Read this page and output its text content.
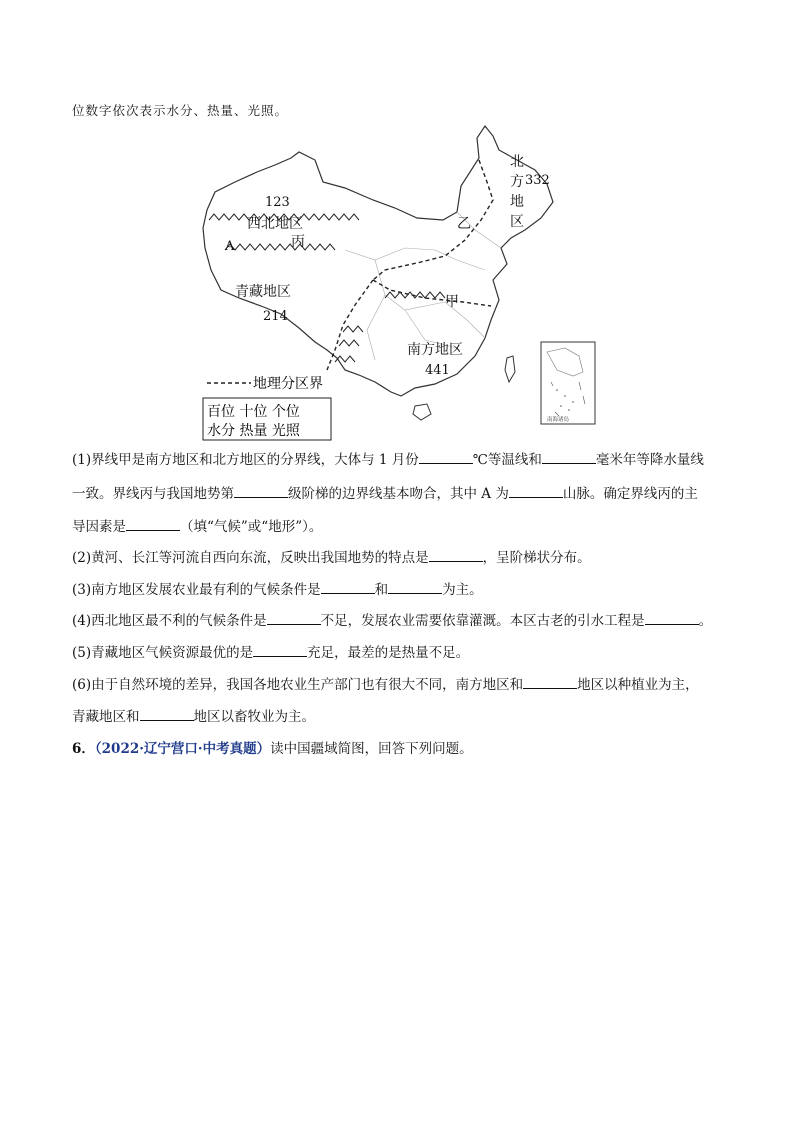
位数字依次表示水分、热量、光照。
123
西北地区
北
方 332
地
区
乙
丙
A
甲
青藏地区
214
南方地区
441
地理分区界
百位 十位 个位
水分 热量 光照
南海诸岛
(1)界线甲是南方地区和北方地区的分界线，大体与 1 月份	℃等温线和	毫米年等降水量线
一致。界线丙与我国地势第	级阶梯的边界线基本吻合，其中 A 为	山脉。确定界线丙的主
导因素是	（填“气候”或“地形”）。
(2)黄河、长江等河流自西向东流，反映出我国地势的特点是	，呈阶梯状分布。
(3)南方地区发展农业最有利的气候条件是	和	为主。
(4)西北地区最不利的气候条件是	不足，发展农业需要依靠灌溉。本区古老的引水工程是	。
(5)青藏地区气候资源最优的是	充足，最差的是热量不足。
(6)由于自然环境的差异，我国各地农业生产部门也有很大不同，南方地区和	地区以种植业为主，
青藏地区和	地区以畜牧业为主。
6．（2022·辽宁营口·中考真题）读中国疆域简图，回答下列问题。
